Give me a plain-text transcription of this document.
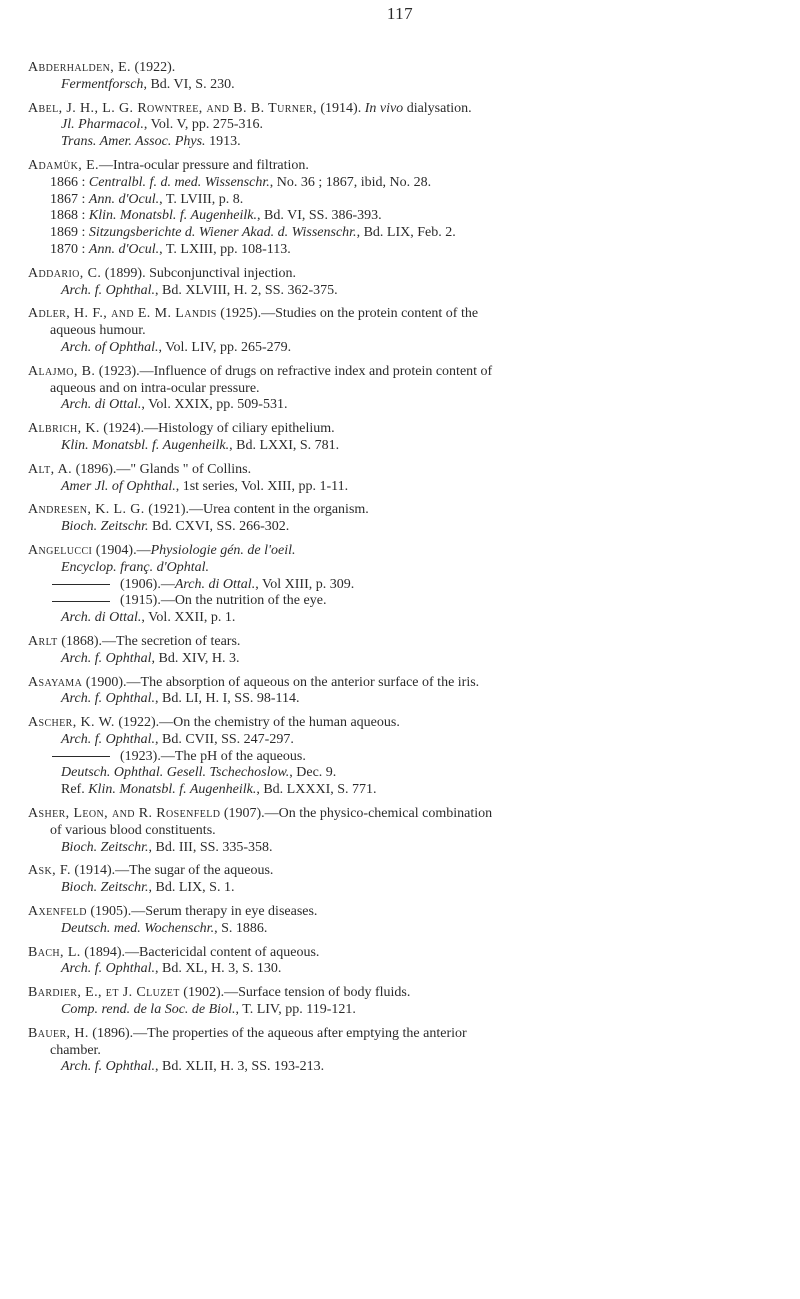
117
Abderhalden, E. (1922).
Fermentforsch, Bd. VI, S. 230.
Abel, J. H., L. G. Rowntree, and B. B. Turner, (1914). In vivo dialysation.
Jl. Pharmacol., Vol. V, pp. 275-316.
Trans. Amer. Assoc. Phys. 1913.
Adamük, E.—Intra-ocular pressure and filtration.
1866 : Centralbl. f. d. med. Wissenschr., No. 36 ; 1867, ibid, No. 28.
1867 : Ann. d'Ocul., T. LVIII, p. 8.
1868 : Klin. Monatsbl. f. Augenheilk., Bd. VI, SS. 386-393.
1869 : Sitzungsberichte d. Wiener Akad. d. Wissenschr., Bd. LIX, Feb. 2.
1870 : Ann. d'Ocul., T. LXIII, pp. 108-113.
Addario, C. (1899). Subconjunctival injection.
Arch. f. Ophthal., Bd. XLVIII, H. 2, SS. 362-375.
Adler, H. F., and E. M. Landis (1925).—Studies on the protein content of the
aqueous humour.
Arch. of Ophthal., Vol. LIV, pp. 265-279.
Alajmo, B. (1923).—Influence of drugs on refractive index and protein content of
aqueous and on intra-ocular pressure.
Arch. di Ottal., Vol. XXIX, pp. 509-531.
Albrich, K. (1924).—Histology of ciliary epithelium.
Klin. Monatsbl. f. Augenheilk., Bd. LXXI, S. 781.
Alt, A. (1896).—" Glands " of Collins.
Amer Jl. of Ophthal., 1st series, Vol. XIII, pp. 1-11.
Andresen, K. L. G. (1921).—Urea content in the organism.
Bioch. Zeitschr. Bd. CXVI, SS. 266-302.
Angelucci (1904).—Physiologie gén. de l'oeil.
Encyclop. franç. d'Ophtal.
(1906).—Arch. di Ottal., Vol XIII, p. 309.
(1915).—On the nutrition of the eye.
Arch. di Ottal., Vol. XXII, p. 1.
Arlt (1868).—The secretion of tears.
Arch. f. Ophthal, Bd. XIV, H. 3.
Asayama (1900).—The absorption of aqueous on the anterior surface of the iris.
Arch. f. Ophthal., Bd. LI, H. I, SS. 98-114.
Ascher, K. W. (1922).—On the chemistry of the human aqueous.
Arch. f. Ophthal., Bd. CVII, SS. 247-297.
(1923).—The pH of the aqueous.
Deutsch. Ophthal. Gesell. Tschechoslow., Dec. 9.
Ref. Klin. Monatsbl. f. Augenheilk., Bd. LXXXI, S. 771.
Asher, Leon, and R. Rosenfeld (1907).—On the physico-chemical combination
of various blood constituents.
Bioch. Zeitschr., Bd. III, SS. 335-358.
Ask, F. (1914).—The sugar of the aqueous.
Bioch. Zeitschr., Bd. LIX, S. 1.
Axenfeld (1905).—Serum therapy in eye diseases.
Deutsch. med. Wochenschr., S. 1886.
Bach, L. (1894).—Bactericidal content of aqueous.
Arch. f. Ophthal., Bd. XL, H. 3, S. 130.
Bardier, E., et J. Cluzet (1902).—Surface tension of body fluids.
Comp. rend. de la Soc. de Biol., T. LIV, pp. 119-121.
Bauer, H. (1896).—The properties of the aqueous after emptying the anterior
chamber.
Arch. f. Ophthal., Bd. XLII, H. 3, SS. 193-213.
